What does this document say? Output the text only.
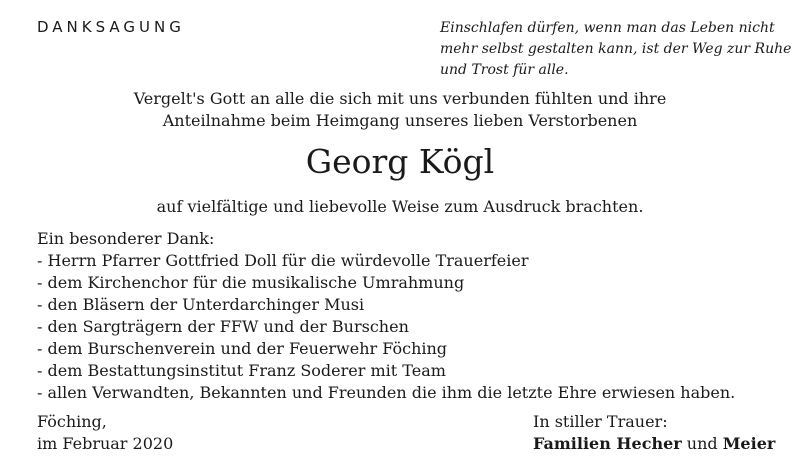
DANKSAGUNG	Einschlafen dürfen, wenn man das Leben nicht
mehr selbst gestalten kann, ist der Weg zur Ruhe
und Trost für alle.
Vergelt's Gott an alle die sich mit uns verbunden fühlten und ihre
Anteilnahme beim Heimgang unseres lieben Verstorbenen
Georg Kögl
auf vielfältige und liebevolle Weise zum Ausdruck brachten.
Ein besonderer Dank:
- Herrn Pfarrer Gottfried Doll für die würdevolle Trauerfeier
- dem Kirchenchor für die musikalische Umrahmung
- den Bläsern der Unterdarchinger Musi
- den Sargträgern der FFW und der Burschen
- dem Burschenverein und der Feuerwehr Föching
- dem Bestattungsinstitut Franz Soderer mit Team
- allen Verwandten, Bekannten und Freunden die ihm die letzte Ehre erwiesen haben.
Föching,
im Februar 2020
In stiller Trauer:
Familien Hecher und Meier
